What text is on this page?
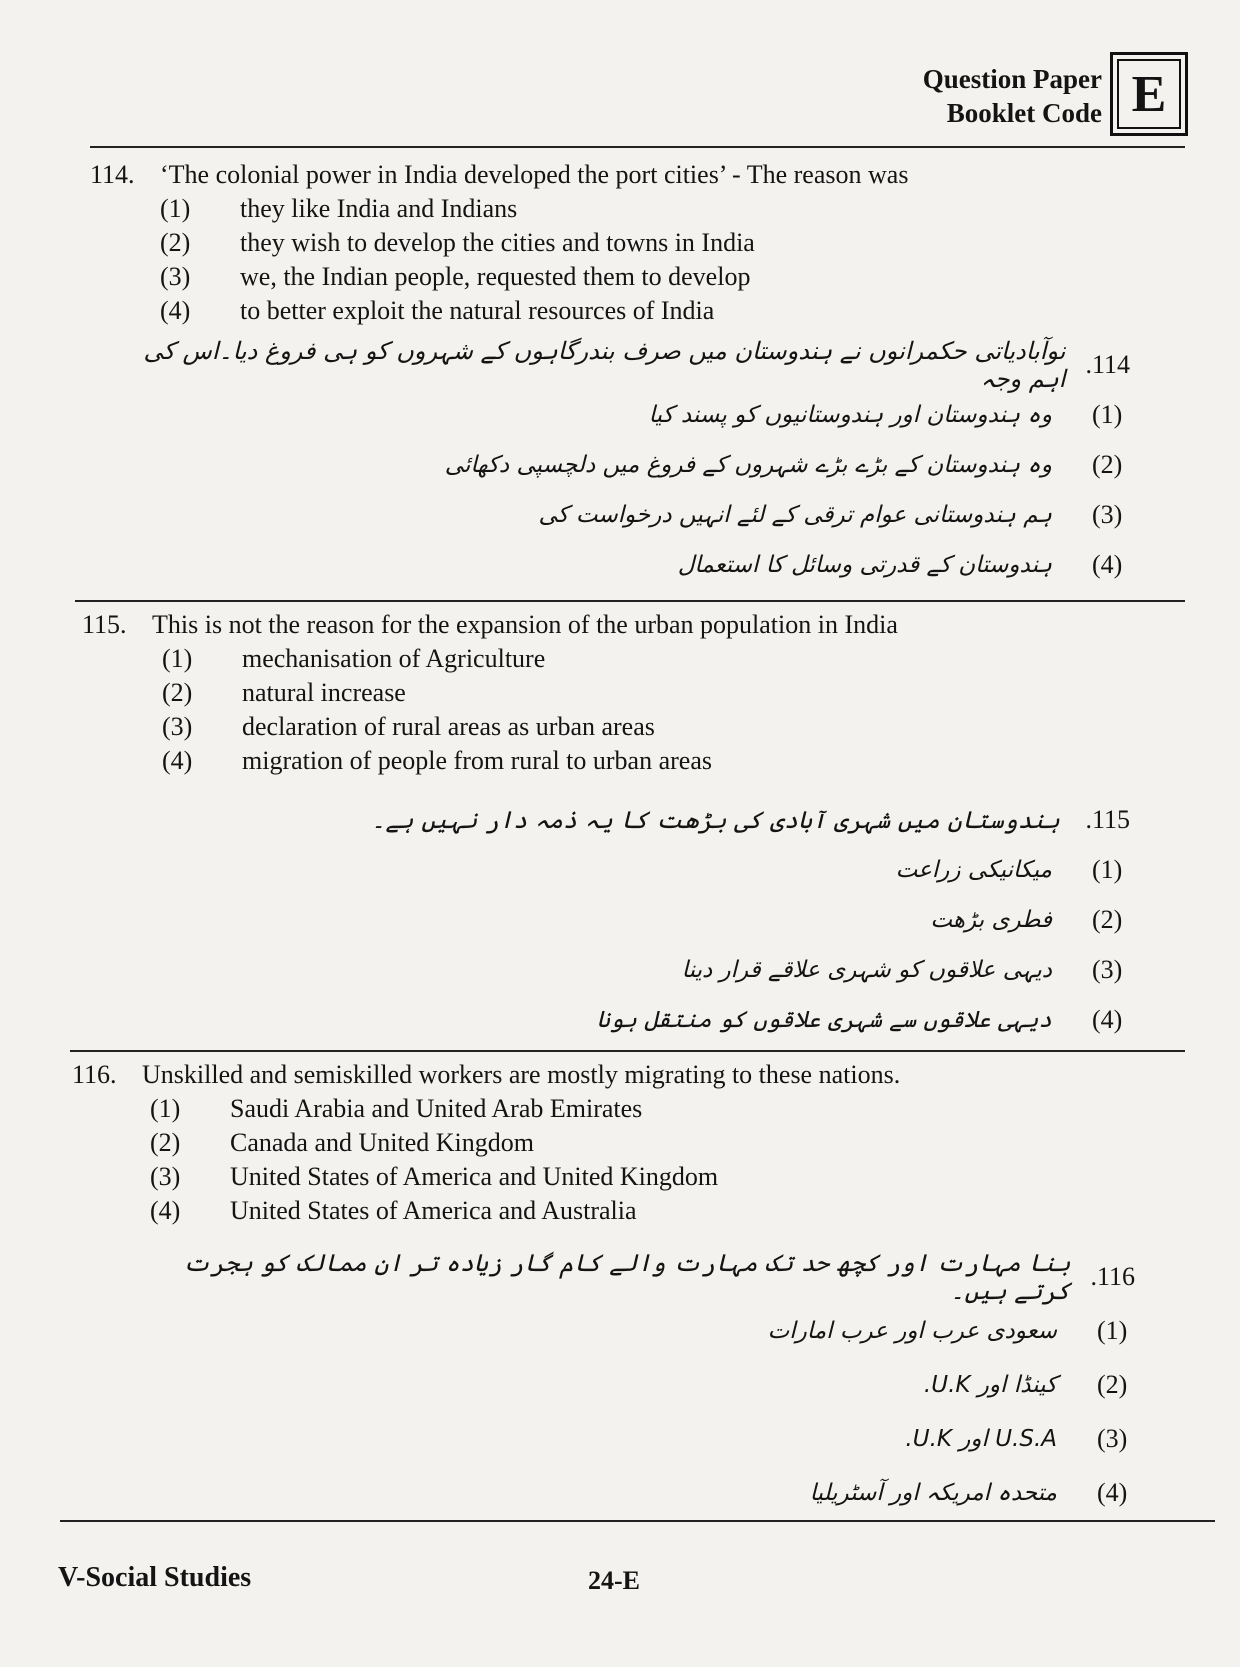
Question Paper
Booklet Code E
114. ‘The colonial power in India developed the port cities’ - The reason was
(1)	they like India and Indians
(2)	they wish to develop the cities and towns in India
(3)	we, the Indian people, requested them to develop
(4)	to better exploit the natural resources of India
نوآبادیاتی حکمرانوں نے ہندوستان میں صرف بندرگاہوں کے شہروں کو ہی فروغ دیا۔اس کی اہم وجہ .114
وہ ہندوستان اور ہندوستانیوں کو پسند کیا (1)
وہ ہندوستان کے بڑے بڑے شہروں کے فروغ میں دلچسپی دکھائی (2)
ہم ہندوستانی عوام ترقی کے لئے انہیں درخواست کی (3)
ہندوستان کے قدرتی وسائل کا استعمال (4)
115. This is not the reason for the expansion of the urban population in India
(1)	mechanisation of Agriculture
(2)	natural increase
(3)	declaration of rural areas as urban areas
(4)	migration of people from rural to urban areas
ہندوستان میں شہری آبادی کی بڑھت کا یہ ذمہ دار نہیں ہے۔ .115
میکانیکی زراعت (1)
فطری بڑھت (2)
دیہی علاقوں کو شہری علاقے قرار دینا (3)
دیہی علاقوں سے شہری علاقوں کو منتقل ہونا (4)
116. Unskilled and semiskilled workers are mostly migrating to these nations.
(1)	Saudi Arabia and United Arab Emirates
(2)	Canada and United Kingdom
(3)	United States of America and United Kingdom
(4)	United States of America and Australia
بنا مہارت اور کچھ حد تک مہارت والے کام گار زیادہ تر ان ممالک کو ہجرت کرتے ہیں۔ .116
سعودی عرب اور عرب امارات (1)
کینڈا اور U.K. (2)
U.S.A اور U.K. (3)
متحدہ امریکہ اور آسٹریلیا (4)
V-Social Studies	24-E
